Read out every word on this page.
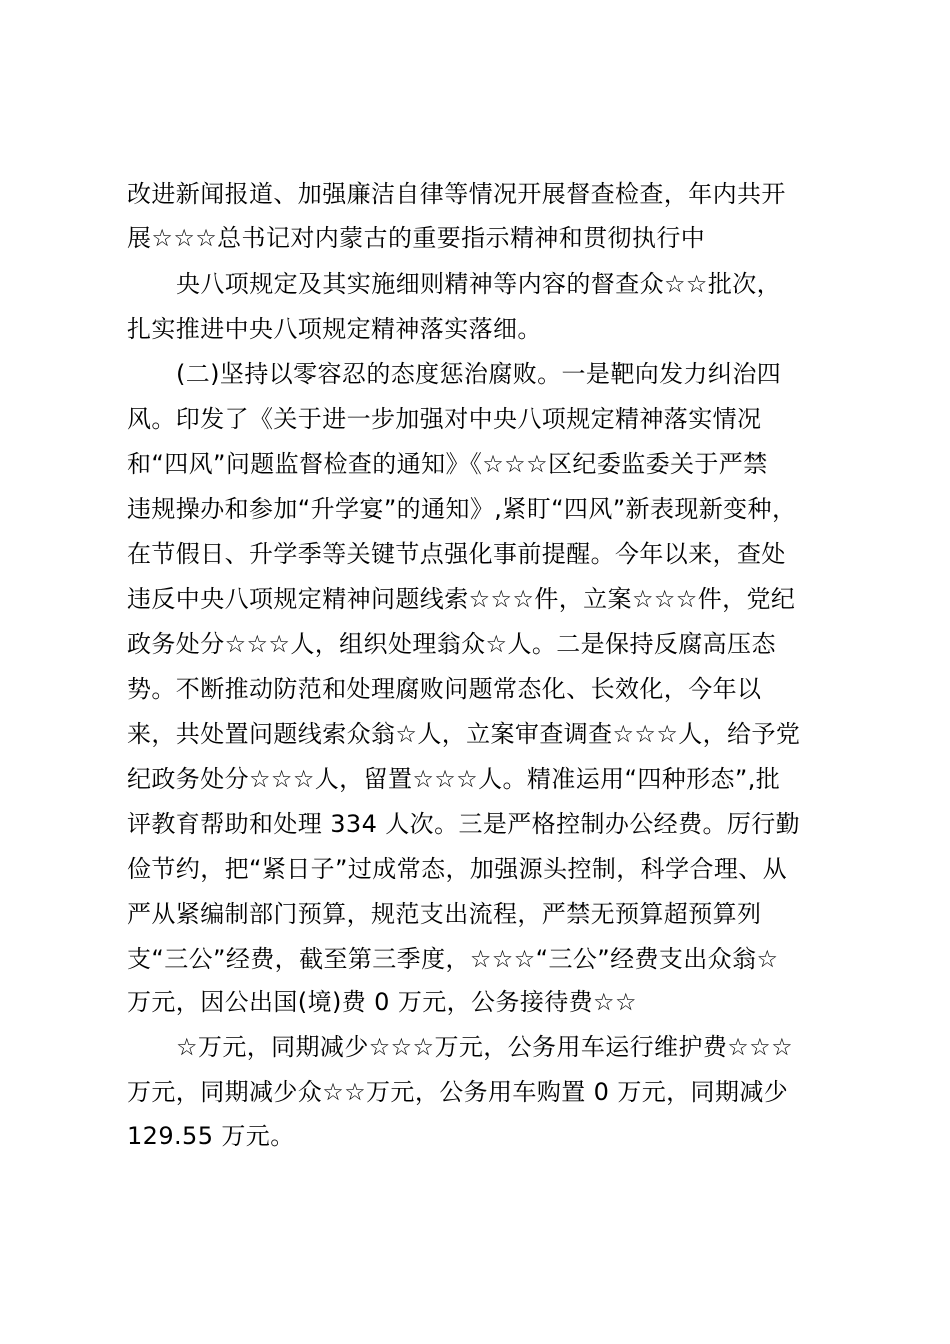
改进新闻报道、加强廉洁自律等情况开展督查检查，年内共开
展☆☆☆总书记对内蒙古的重要指示精神和贯彻执行中
央八项规定及其实施细则精神等内容的督查众☆☆批次，
扎实推进中央八项规定精神落实落细。
(二)坚持以零容忍的态度惩治腐败。一是靶向发力纠治四
风。印发了《关于进一步加强对中央八项规定精神落实情况
和“四风”问题监督检查的通知》《☆☆☆区纪委监委关于严禁
违规操办和参加“升学宴”的通知》,紧盯“四风”新表现新变种，
在节假日、升学季等关键节点强化事前提醒。今年以来，查处
违反中央八项规定精神问题线索☆☆☆件，立案☆☆☆件，党纪
政务处分☆☆☆人，组织处理翁众☆人。二是保持反腐高压态
势。不断推动防范和处理腐败问题常态化、长效化，今年以
来，共处置问题线索众翁☆人，立案审查调查☆☆☆人，给予党
纪政务处分☆☆☆人，留置☆☆☆人。精准运用“四种形态”,批
评教育帮助和处理 334 人次。三是严格控制办公经费。厉行勤
俭节约，把“紧日子”过成常态，加强源头控制，科学合理、从
严从紧编制部门预算，规范支出流程，严禁无预算超预算列
支“三公”经费，截至第三季度，☆☆☆“三公”经费支出众翁☆
万元，因公出国(境)费 0 万元，公务接待费☆☆
☆万元，同期减少☆☆☆万元，公务用车运行维护费☆☆☆
万元，同期减少众☆☆万元，公务用车购置 0 万元，同期减少
129.55 万元。
